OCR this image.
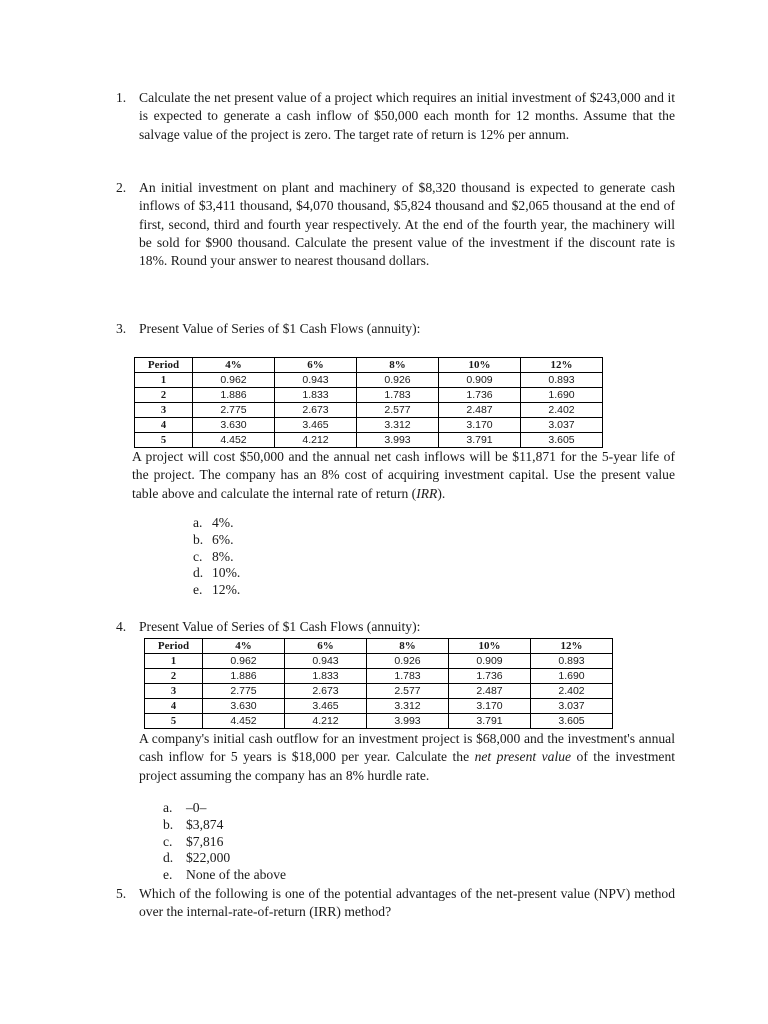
1. Calculate the net present value of a project which requires an initial investment of $243,000 and it is expected to generate a cash inflow of $50,000 each month for 12 months. Assume that the salvage value of the project is zero. The target rate of return is 12% per annum.
2. An initial investment on plant and machinery of $8,320 thousand is expected to generate cash inflows of $3,411 thousand, $4,070 thousand, $5,824 thousand and $2,065 thousand at the end of first, second, third and fourth year respectively. At the end of the fourth year, the machinery will be sold for $900 thousand. Calculate the present value of the investment if the discount rate is 18%. Round your answer to nearest thousand dollars.
3. Present Value of Series of $1 Cash Flows (annuity):
Period	4%	6%	8%	10%	12%
1	0.962	0.943	0.926	0.909	0.893
2	1.886	1.833	1.783	1.736	1.690
3	2.775	2.673	2.577	2.487	2.402
4	3.630	3.465	3.312	3.170	3.037
5	4.452	4.212	3.993	3.791	3.605
A project will cost $50,000 and the annual net cash inflows will be $11,871 for the 5-year life of the project. The company has an 8% cost of acquiring investment capital. Use the present value table above and calculate the internal rate of return (IRR).
a. 4%.
b. 6%.
c. 8%.
d. 10%.
e. 12%.
4. Present Value of Series of $1 Cash Flows (annuity):
Period	4%	6%	8%	10%	12%
1	0.962	0.943	0.926	0.909	0.893
2	1.886	1.833	1.783	1.736	1.690
3	2.775	2.673	2.577	2.487	2.402
4	3.630	3.465	3.312	3.170	3.037
5	4.452	4.212	3.993	3.791	3.605
A company's initial cash outflow for an investment project is $68,000 and the investment's annual cash inflow for 5 years is $18,000 per year. Calculate the net present value of the investment project assuming the company has an 8% hurdle rate.
a. –0–
b. $3,874
c. $7,816
d. $22,000
e. None of the above
5. Which of the following is one of the potential advantages of the net-present value (NPV) method over the internal-rate-of-return (IRR) method?
